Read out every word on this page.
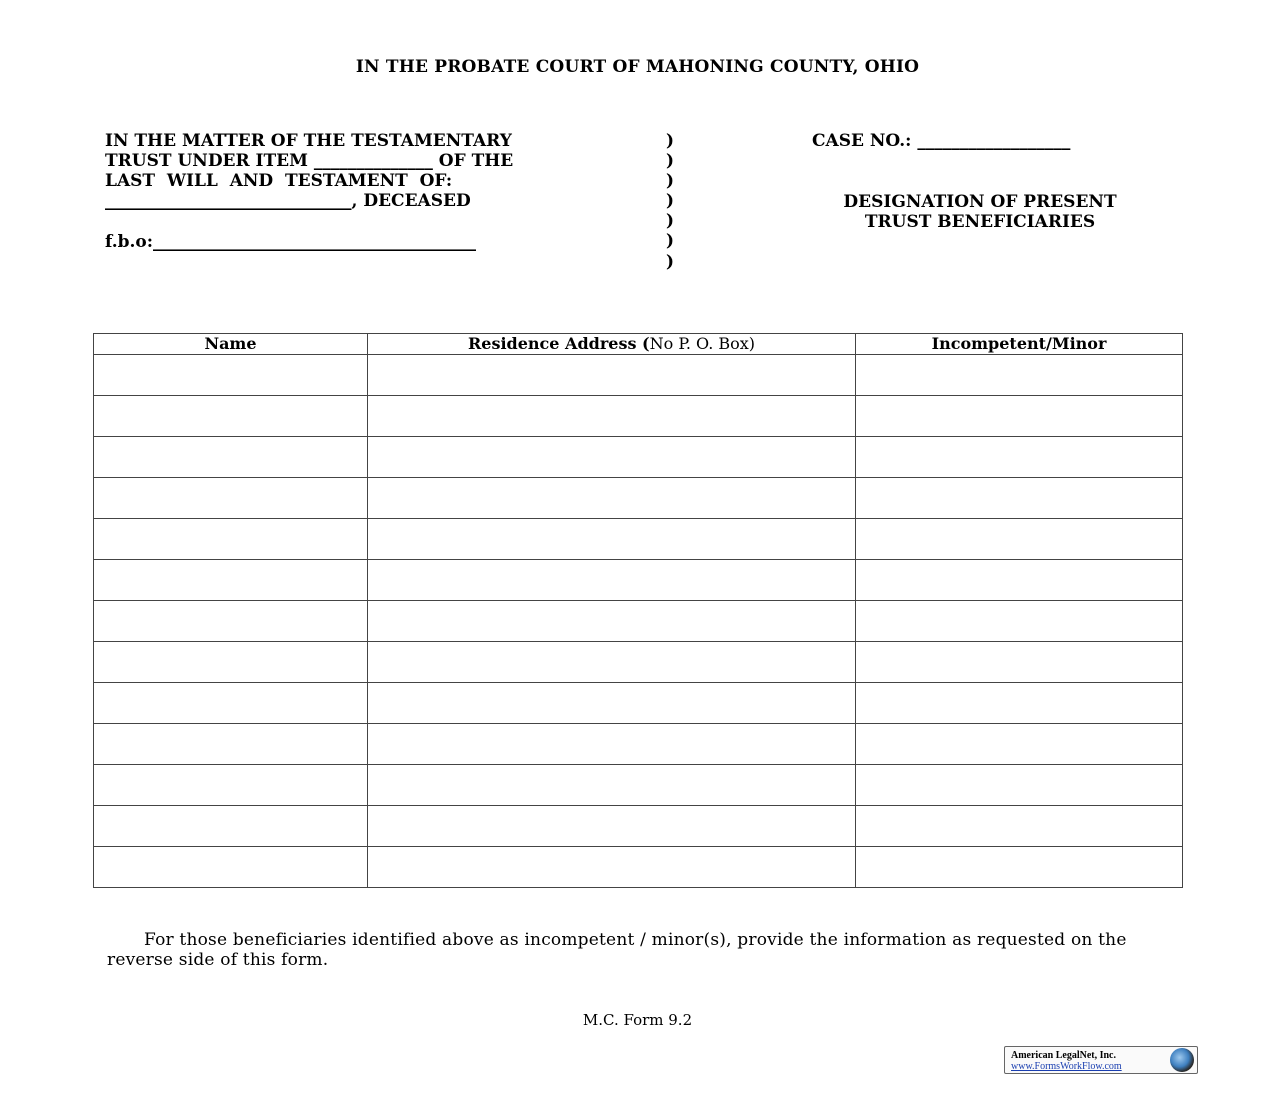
IN THE PROBATE COURT OF MAHONING COUNTY, OHIO
IN THE MATTER OF THE TESTAMENTARY
TRUST UNDER ITEM ______________ OF THE
LAST  WILL  AND  TESTAMENT  OF:
_____________________________, DECEASED
f.b.o:______________________________________
)
)
)
)
)
)
)
CASE NO.: __________________
DESIGNATION OF PRESENT
TRUST BENEFICIARIES
Name	Residence Address (No P. O. Box)	Incompetent/Minor

For those beneficiaries identified above as incompetent / minor(s), provide the information as requested on the reverse side of this form.
M.C. Form 9.2
American LegalNet, Inc.
www.FormsWorkFlow.com
